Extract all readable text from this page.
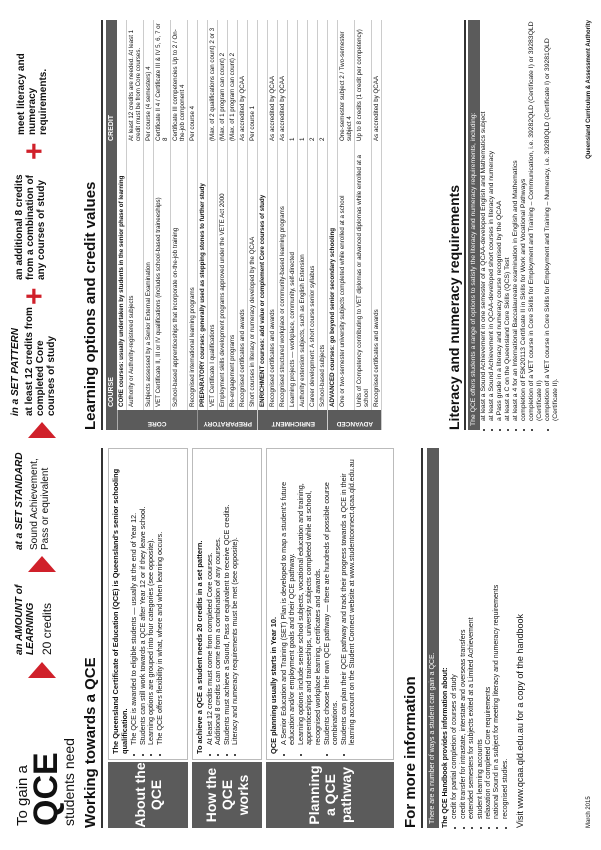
To gain a
QCE
students need
an AMOUNT of LEARNING 20 credits
at a SET STANDARD Sound Achievement, Pass or equivalent
in a SET PATTERN at least 12 credits from completed Core courses of study
+
an additional 8 credits from a combination of any courses of study
+
meet literacy and numeracy requirements.
Working towards a QCE	About the QCE
The Queensland Certificate of Education (QCE) is Queensland's senior schooling qualification. • The QCE is awarded to eligible students — usually at the end of Year 12. • Students can still work towards a QCE after Year 12 or if they leave school. • Learning options are grouped into four categories (see opposite). • The QCE offers flexibility in what, where and when learning occurs.
How the QCE works
To achieve a QCE a student needs 20 credits in a set pattern. • At least 12 credits must come from completed Core courses. • Additional 8 credits can come from a combination of any courses. • Students must achieve a Sound, Pass or equivalent to receive QCE credits. • Literacy and numeracy requirements must be met (see opposite).
Planning a QCE pathway
QCE planning usually starts in Year 10. • A Senior Education and Training (SET) Plan is developed to map a student's future education and/or employment goals and their QCE pathway. • Learning options include senior school subjects, vocational education and training, apprenticeships and traineeships, university subjects completed while at school, recognised workplace learning, certificates and awards. • Students choose their own QCE pathway — there are hundreds of possible course combinations. • Students can plan their QCE pathway and track their progress towards a QCE in their learning account on the Student Connect website at www.studentconnect.qcaa.qld.edu.au
For more information There are a number of ways a student can gain a QCE. The QCE Handbook provides information about: • credit for partial completion of courses of study • credit transfer for intrastate, interstate and overseas transfers • extended semesters for subjects exited at a Limited Achievement • student learning accounts • relaxation of completed Core requirements • national Sound in a subject for meeting literacy and numeracy requirements • recognised studies. Visit www.qcaa.qld.edu.au for a copy of the handbook
Learning options and credit values
	COURSE	CREDIT
CORE	CORE courses: usually undertaken by students in the senior phase of learning	
	Authority or Authority-registered subjects	At least 12 credits are needed. At least 1 credit must be from Core courses.
	Subjects assessed by a Senior External Examination	Per course (4 semesters) 4
	VET Certificate II, III or IV qualifications (includes school-based traineeships)	Certificate II 4 / Certificate III & IV 5, 6, 7 or 8
	School-based apprenticeships that incorporate on-the-job training	Certificate III competencies Up to 2 / On-the-job component 4
	Recognised international learning programs	Per course 4
PREPARATORY	PREPARATORY courses: generally used as stepping stones to further study	
	VET Certificate I qualifications	(Max. of 2 qualifications can count) 2 or 3
	Employment skills development programs approved under the VETE Act 2000	(Max. of 1 program can count) 2
	Re-engagement programs	(Max. of 1 program can count) 2
	Recognised certificates and awards	As accredited by QCAA
	Short courses in literacy or numeracy developed by the QCAA	Per course 1
ENRICHMENT	ENRICHMENT courses: add value or complement Core courses of study	
	Recognised certificates and awards	As accredited by QCAA
	Recognised structured workplace or community-based learning programs	As accredited by QCAA
	Learning projects — workplace, community, self-directed	1
	Authority extension subjects, such as English Extension	1
	Career development: A short course senior syllabus	2
	School-based subjects	2
ADVANCED	ADVANCED courses: go beyond senior secondary schooling	
	One or two-semester university subjects completed while enrolled at a school	One-semester subject 2 / Two-semester subject 4
	Units of Competency contributing to VET diplomas or advanced diplomas while enrolled at a school	Up to 8 credits (1 credit per competency)
	Recognised certificates and awards	As accredited by QCAA
Literacy and numeracy requirements The QCE offers students a range of options to satisfy the literacy and numeracy requirements, including: • at least a Sound Achievement in one semester of a QCAA-developed English and Mathematics subject • at least a Sound Achievement in QCAA-developed short courses in literacy and numeracy • a Pass grade in a literacy and numeracy course recognised by the QCAA • at least a C on the Queensland Core Skills (QCS) Test • at least a 4 for an International Baccalaureate examination in English and Mathematics • completion of FSK20113 Certificate II in Skills for Work and Vocational Pathways • completion of a VET course in Core Skills for Employment and Training – Communication, i.e. 39282QLD (Certificate I) or 39283QLD (Certificate II) • completion of a VET course in Core Skills for Employment and Training – Numeracy, i.e. 39280QLD (Certificate I) or 39281QLD (Certificate II).
March 2015
Queensland Curriculum & Assessment Authority
